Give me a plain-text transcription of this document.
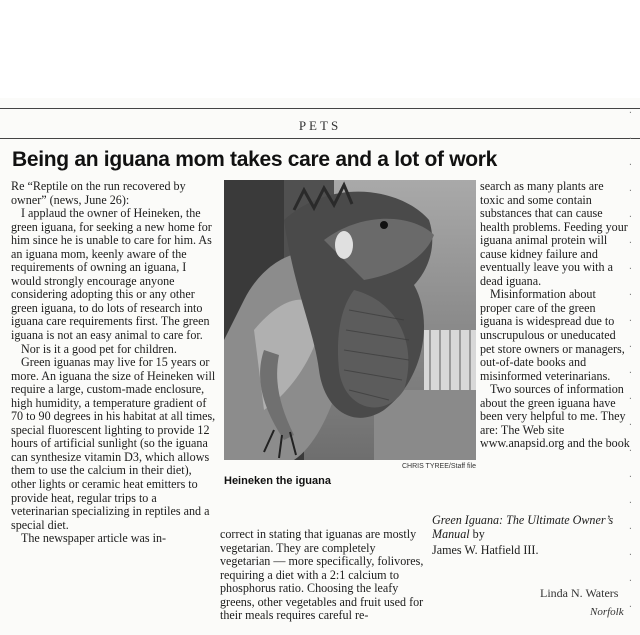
PETS
Being an iguana mom takes care and a lot of work

Re “Reptile on the run recovered by owner” (news, June 26):

I applaud the owner of Heineken, the green iguana, for seeking a new home for him since he is unable to care for him. As an iguana mom, keenly aware of the requirements of owning an iguana, I would strongly encourage anyone considering adopting this or any other green iguana, to do lots of research into iguana care requirements first. The green iguana is not an easy animal to care for.

Nor is it a good pet for children.

Green iguanas may live for 15 years or more. An iguana the size of Heineken will require a large, custom-made enclosure, high humidity, a temperature gradient of 70 to 90 degrees in his habitat at all times, special fluorescent lighting to provide 12 hours of artificial sunlight (so the iguana can synthesize vitamin D3, which allows them to use the calcium in their diet), other lights or ceramic heat emitters to provide heat, regular trips to a veterinarian specializing in reptiles and a special diet.

The newspaper article was in-

CHRIS TYREE/Staff file
Heineken the iguana

search as many plants are toxic and some contain substances that can cause health problems. Feeding your iguana animal protein will cause kidney failure and eventually leave you with a dead iguana.

Misinformation about proper care of the green iguana is widespread due to unscrupulous or uneducated pet store owners or managers, out-of-date books and misinformed veterinarians.

Two sources of information about the green iguana have been very helpful to me. They are: The Web site www.anapsid.org and the book

Green Iguana: The Ultimate Owner’s Manual by

James W. Hatfield III.

correct in stating that iguanas are mostly vegetarian. They are completely vegetarian — more specifically, folivores, requiring a diet with a 2:1 calcium to phosphorus ratio. Choosing the leafy greens, other vegetables and fruit used for their meals requires careful re-

Linda N. Waters
Norfolk
·
·
·
·
·
·
·
·
·
·
·
·
·
·
·
·
·
·
·
·
